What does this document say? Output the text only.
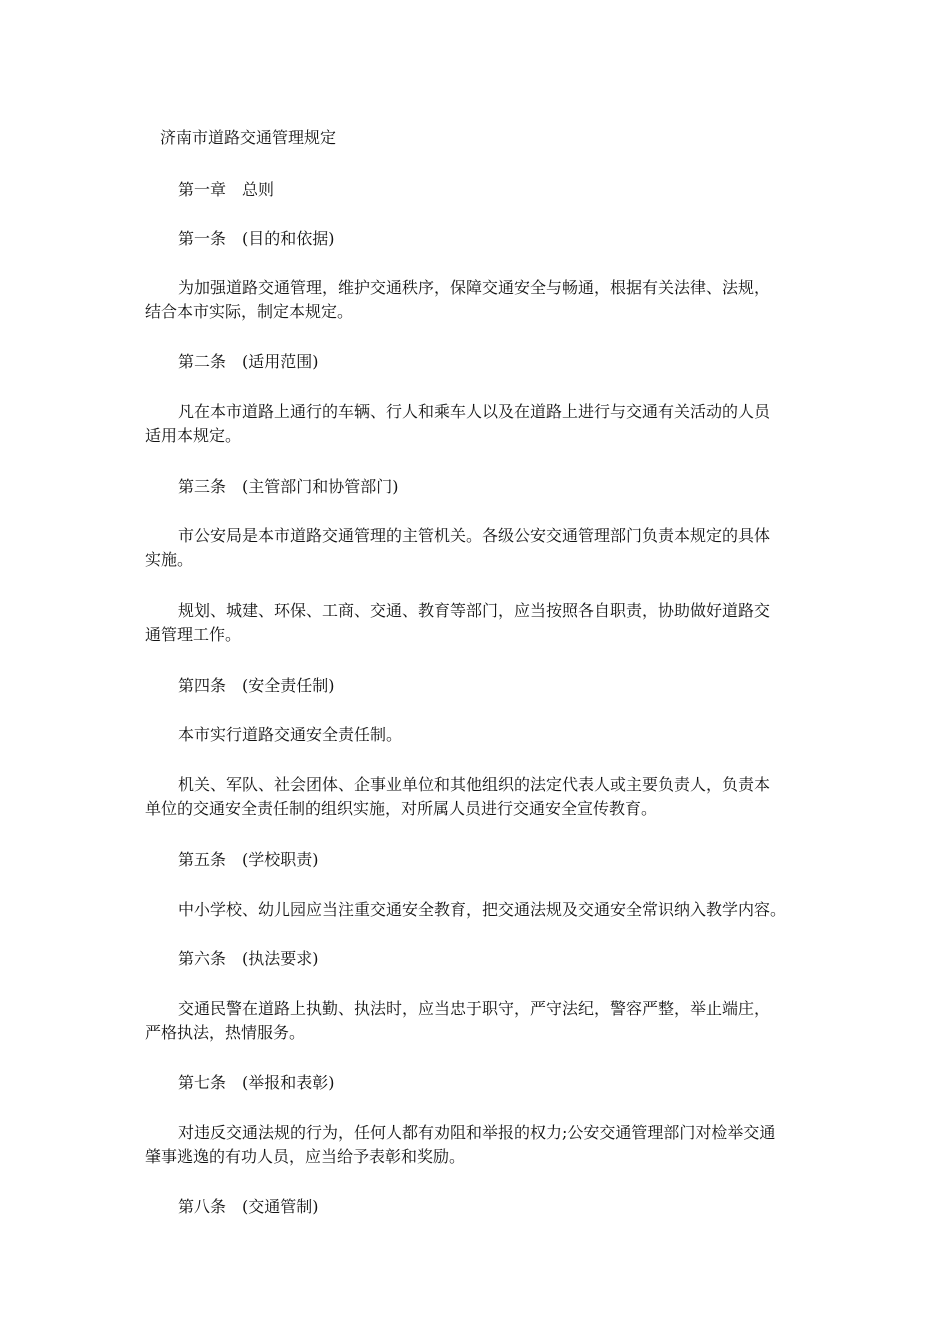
济南市道路交通管理规定
第一章 总则
第一条 (目的和依据)
为加强道路交通管理，维护交通秩序，保障交通安全与畅通，根据有关法律、法规，
结合本市实际，制定本规定。
第二条 (适用范围)
凡在本市道路上通行的车辆、行人和乘车人以及在道路上进行与交通有关活动的人员
适用本规定。
第三条 (主管部门和协管部门)
市公安局是本市道路交通管理的主管机关。各级公安交通管理部门负责本规定的具体
实施。
规划、城建、环保、工商、交通、教育等部门，应当按照各自职责，协助做好道路交
通管理工作。
第四条 (安全责任制)
本市实行道路交通安全责任制。
机关、军队、社会团体、企事业单位和其他组织的法定代表人或主要负责人，负责本
单位的交通安全责任制的组织实施，对所属人员进行交通安全宣传教育。
第五条 (学校职责)
中小学校、幼儿园应当注重交通安全教育，把交通法规及交通安全常识纳入教学内容。
第六条 (执法要求)
交通民警在道路上执勤、执法时，应当忠于职守，严守法纪，警容严整，举止端庄，
严格执法，热情服务。
第七条 (举报和表彰)
对违反交通法规的行为，任何人都有劝阻和举报的权力;公安交通管理部门对检举交通
肇事逃逸的有功人员，应当给予表彰和奖励。
第八条 (交通管制)
